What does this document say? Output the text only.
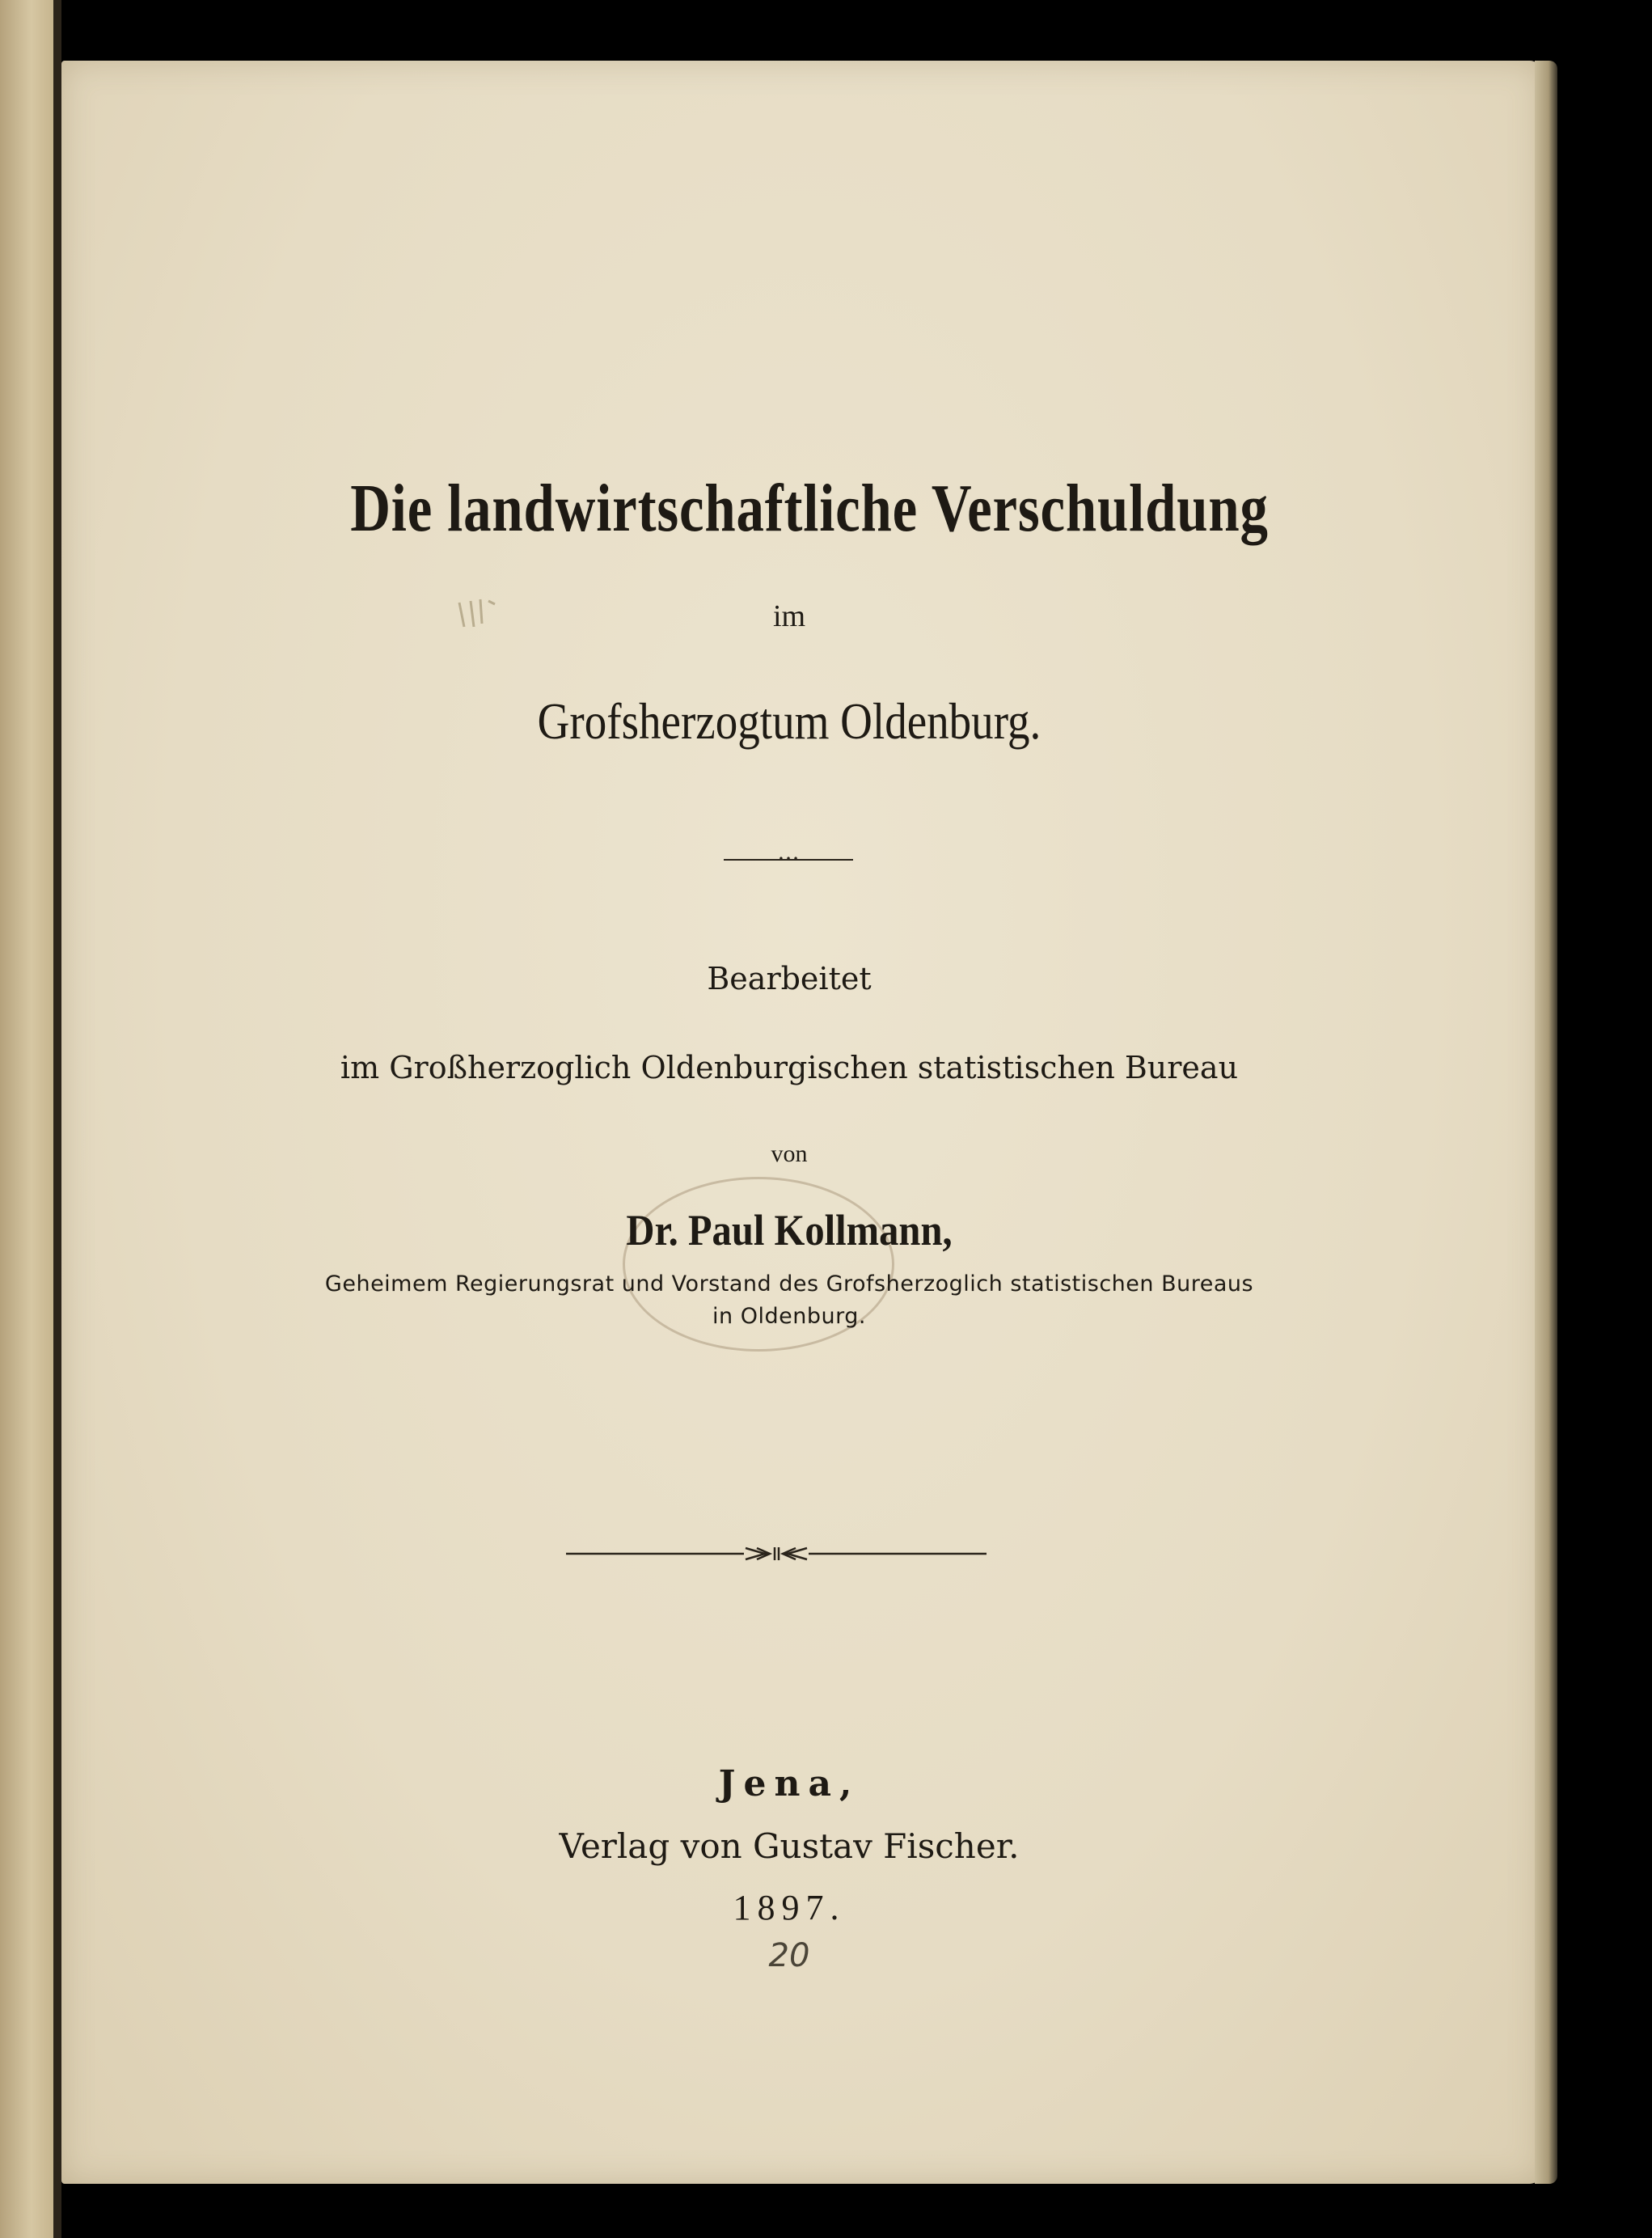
Die landwirtschaftliche Verschuldung
im
Grofsherzogtum Oldenburg.
•••
Bearbeitet
im Großherzoglich Oldenburgischen statistischen Bureau
von
Dr. Paul Kollmann,
Geheimem Regierungsrat und Vorstand des Grofsherzoglich statistischen Bureaus
in Oldenburg.
Jena,
Verlag von Gustav Fischer.
1897.
20
